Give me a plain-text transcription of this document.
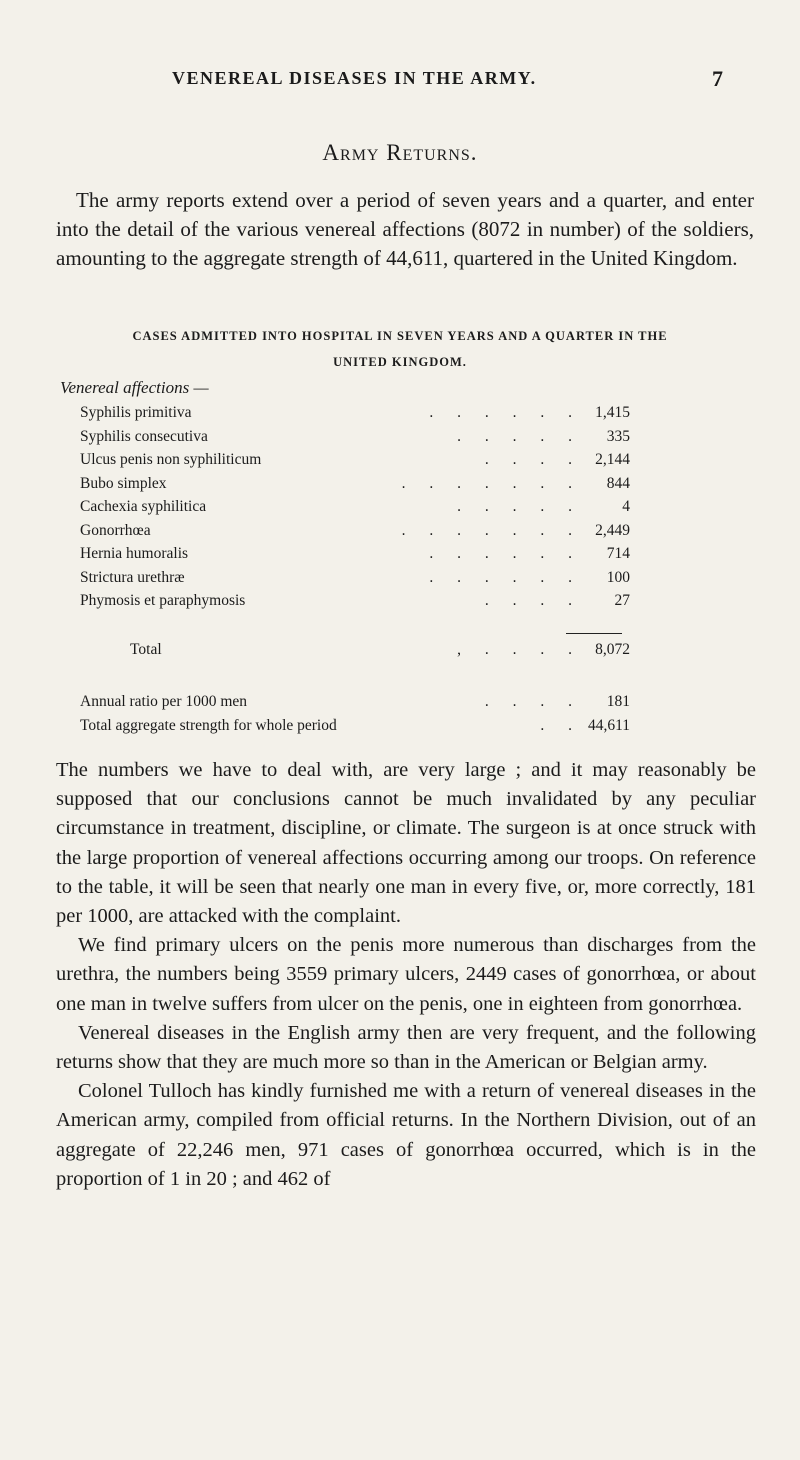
VENEREAL DISEASES IN THE ARMY.	7
Army Returns.
The army reports extend over a period of seven years and a quarter, and enter into the detail of the various venereal affections (8072 in number) of the soldiers, amounting to the aggregate strength of 44,611, quartered in the United Kingdom.
CASES ADMITTED INTO HOSPITAL IN SEVEN YEARS AND A QUARTER IN THE
UNITED KINGDOM.
Venereal affections —
Syphilis primitiva	. . . . . . 1,415
Syphilis consecutiva	. . . . . 335
Ulcus penis non syphiliticum	. . . . 2,144
Bubo simplex	. . . . . . . 844
Cachexia syphilitica	. . . . .	4
Gonorrhœa	. . . . . . . 2,449
Hernia humoralis	. . . . . . 714
Strictura urethræ	. . . . . . 100
Phymosis et paraphymosis	. . . . 27
Total	, . . . . 8,072
Annual ratio per 1000 men	. . . . 181
Total aggregate strength for whole period	. . 44,611

The numbers we have to deal with, are very large ; and it may reasonably be supposed that our conclusions cannot be much invalidated by any peculiar circumstance in treatment, discipline, or climate. The surgeon is at once struck with the large proportion of venereal affections occurring among our troops. On reference to the table, it will be seen that nearly one man in every five, or, more correctly, 181 per 1000, are attacked with the complaint.

We find primary ulcers on the penis more numerous than discharges from the urethra, the numbers being 3559 primary ulcers, 2449 cases of gonorrhœa, or about one man in twelve suffers from ulcer on the penis, one in eighteen from gonorrhœa.

Venereal diseases in the English army then are very frequent, and the following returns show that they are much more so than in the American or Belgian army.

Colonel Tulloch has kindly furnished me with a return of venereal diseases in the American army, compiled from official returns. In the Northern Division, out of an aggregate of 22,246 men, 971 cases of gonorrhœa occurred, which is in the proportion of 1 in 20 ; and 462 of
